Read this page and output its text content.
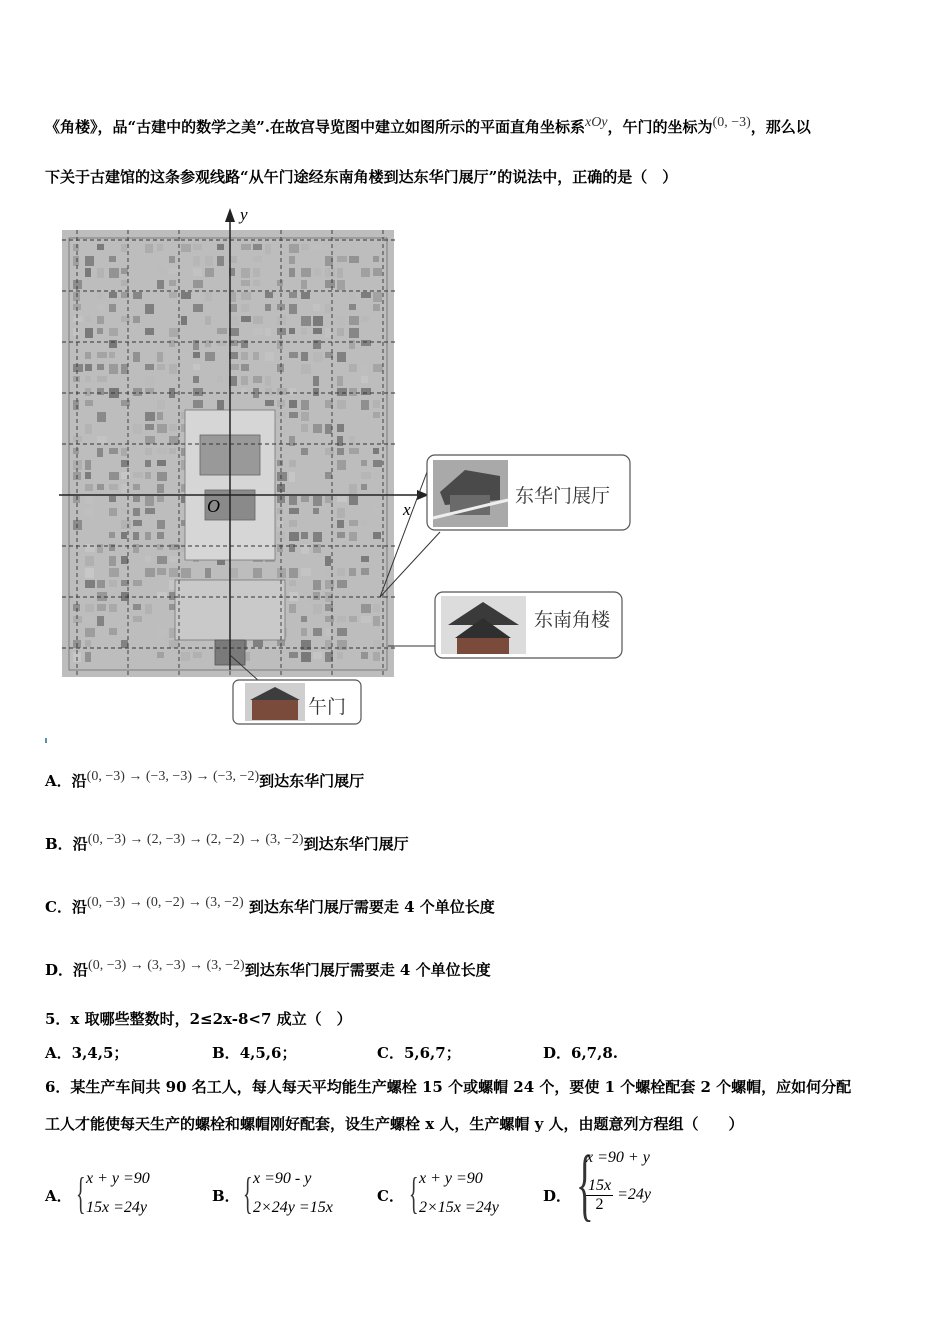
《角楼》，品“古建中的数学之美”.在故宫导览图中建立如图所示的平面直角坐标系xOy，午门的坐标为(0, −3)，那么以
下关于古建馆的这条参观线路“从午门途经东南角楼到达东华门展厅”的说法中，正确的是（　）
x
y
O	东华门展厅
东南角楼
午门
A．沿(0, −3) → (−3, −3) → (−3, −2)到达东华门展厅
B．沿(0, −3) → (2, −3) → (2, −2) → (3, −2)到达东华门展厅
C．沿(0, −3) → (0, −2) → (3, −2) 到达东华门展厅需要走 4 个单位长度
D．沿(0, −3) → (3, −3) → (3, −2)到达东华门展厅需要走 4 个单位长度
5．x 取哪些整数时，2≤2x-8<7 成立（　）
A．3,4,5；	B．4,5,6；	C．5,6,7；	D．6,7,8.
6．某生产车间共 90 名工人，每人每天平均能生产螺栓 15 个或螺帽 24 个，要使 1 个螺栓配套 2 个螺帽，应如何分配
工人才能使每天生产的螺栓和螺帽刚好配套，设生产螺栓 x 人，生产螺帽 y 人，由题意列方程组（　　）
A． { x + y =90
15x =24y
B． { x =90 - y
2×24y =15x
C． { x + y =90
2×15x =24y
D． {
x =90 + y
$\frac{15x}{2} =24y$
